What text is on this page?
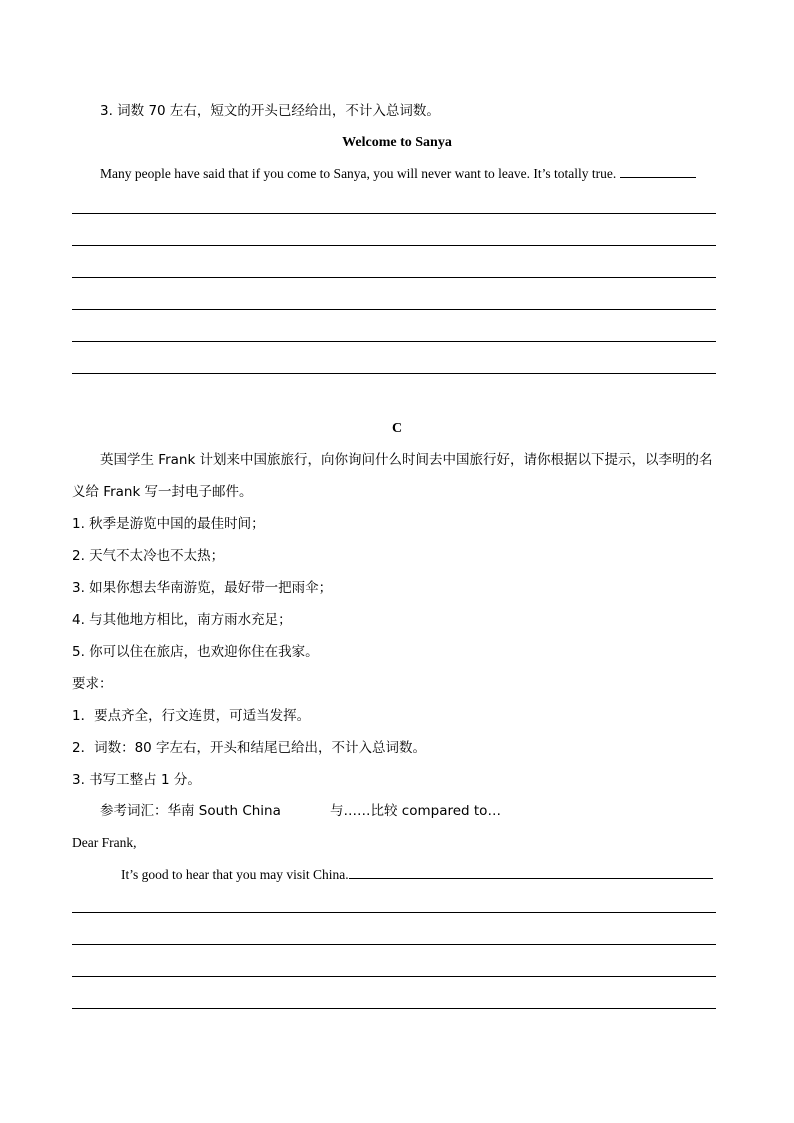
3. 词数 70 左右，短文的开头已经给出，不计入总词数。
Welcome to Sanya
Many people have said that if you come to Sanya, you will never want to leave. It’s totally true.
C
英国学生 Frank 计划来中国旅旅行，向你询问什么时间去中国旅行好，请你根据以下提示，以李明的名
义给 Frank 写一封电子邮件。
1. 秋季是游览中国的最佳时间；
2. 天气不太冷也不太热；
3. 如果你想去华南游览，最好带一把雨伞；
4. 与其他地方相比，南方雨水充足；
5. 你可以住在旅店，也欢迎你住在我家。
要求：
1．要点齐全，行文连贯，可适当发挥。
2．词数：80 字左右，开头和结尾已给出，不计入总词数。
3. 书写工整占 1 分。
参考词汇：华南 South China	与……比较 compared to…
Dear Frank,
It’s good to hear that you may visit China.
